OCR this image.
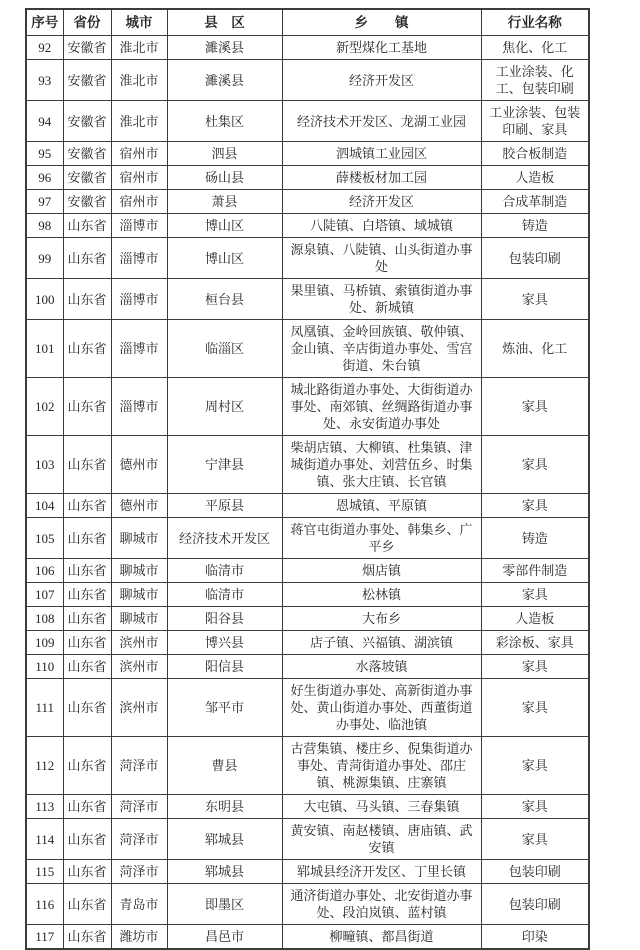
序号	省份	城市	县　区	乡　　镇	行业名称
92	安徽省	淮北市	濉溪县	新型煤化工基地	焦化、化工
93	安徽省	淮北市	濉溪县	经济开发区	工业涂装、化工、包装印刷
94	安徽省	淮北市	杜集区	经济技术开发区、龙湖工业园	工业涂装、包装印刷、家具
95	安徽省	宿州市	泗县	泗城镇工业园区	胶合板制造
96	安徽省	宿州市	砀山县	薛楼板材加工园	人造板
97	安徽省	宿州市	萧县	经济开发区	合成革制造
98	山东省	淄博市	博山区	八陡镇、白塔镇、域城镇	铸造
99	山东省	淄博市	博山区	源泉镇、八陡镇、山头街道办事处	包装印刷
100	山东省	淄博市	桓台县	果里镇、马桥镇、索镇街道办事处、新城镇	家具
101	山东省	淄博市	临淄区	凤凰镇、金岭回族镇、敬仲镇、金山镇、辛店街道办事处、雪宫街道、朱台镇	炼油、化工
102	山东省	淄博市	周村区	城北路街道办事处、大街街道办事处、南郊镇、丝绸路街道办事处、永安街道办事处	家具
103	山东省	德州市	宁津县	柴胡店镇、大柳镇、杜集镇、津城街道办事处、刘营伍乡、时集镇、张大庄镇、长官镇	家具
104	山东省	德州市	平原县	恩城镇、平原镇	家具
105	山东省	聊城市	经济技术开发区	蒋官屯街道办事处、韩集乡、广平乡	铸造
106	山东省	聊城市	临清市	烟店镇	零部件制造
107	山东省	聊城市	临清市	松林镇	家具
108	山东省	聊城市	阳谷县	大布乡	人造板
109	山东省	滨州市	博兴县	店子镇、兴福镇、湖滨镇	彩涂板、家具
110	山东省	滨州市	阳信县	水落坡镇	家具
111	山东省	滨州市	邹平市	好生街道办事处、高新街道办事处、黄山街道办事处、西董街道办事处、临池镇	家具
112	山东省	菏泽市	曹县	古营集镇、楼庄乡、倪集街道办事处、青菏街道办事处、邵庄镇、桃源集镇、庄寨镇	家具
113	山东省	菏泽市	东明县	大屯镇、马头镇、三春集镇	家具
114	山东省	菏泽市	郓城县	黄安镇、南赵楼镇、唐庙镇、武安镇	家具
115	山东省	菏泽市	郓城县	郓城县经济开发区、丁里长镇	包装印刷
116	山东省	青岛市	即墨区	通济街道办事处、北安街道办事处、段泊岚镇、蓝村镇	包装印刷
117	山东省	潍坊市	昌邑市	柳疃镇、都昌街道	印染
